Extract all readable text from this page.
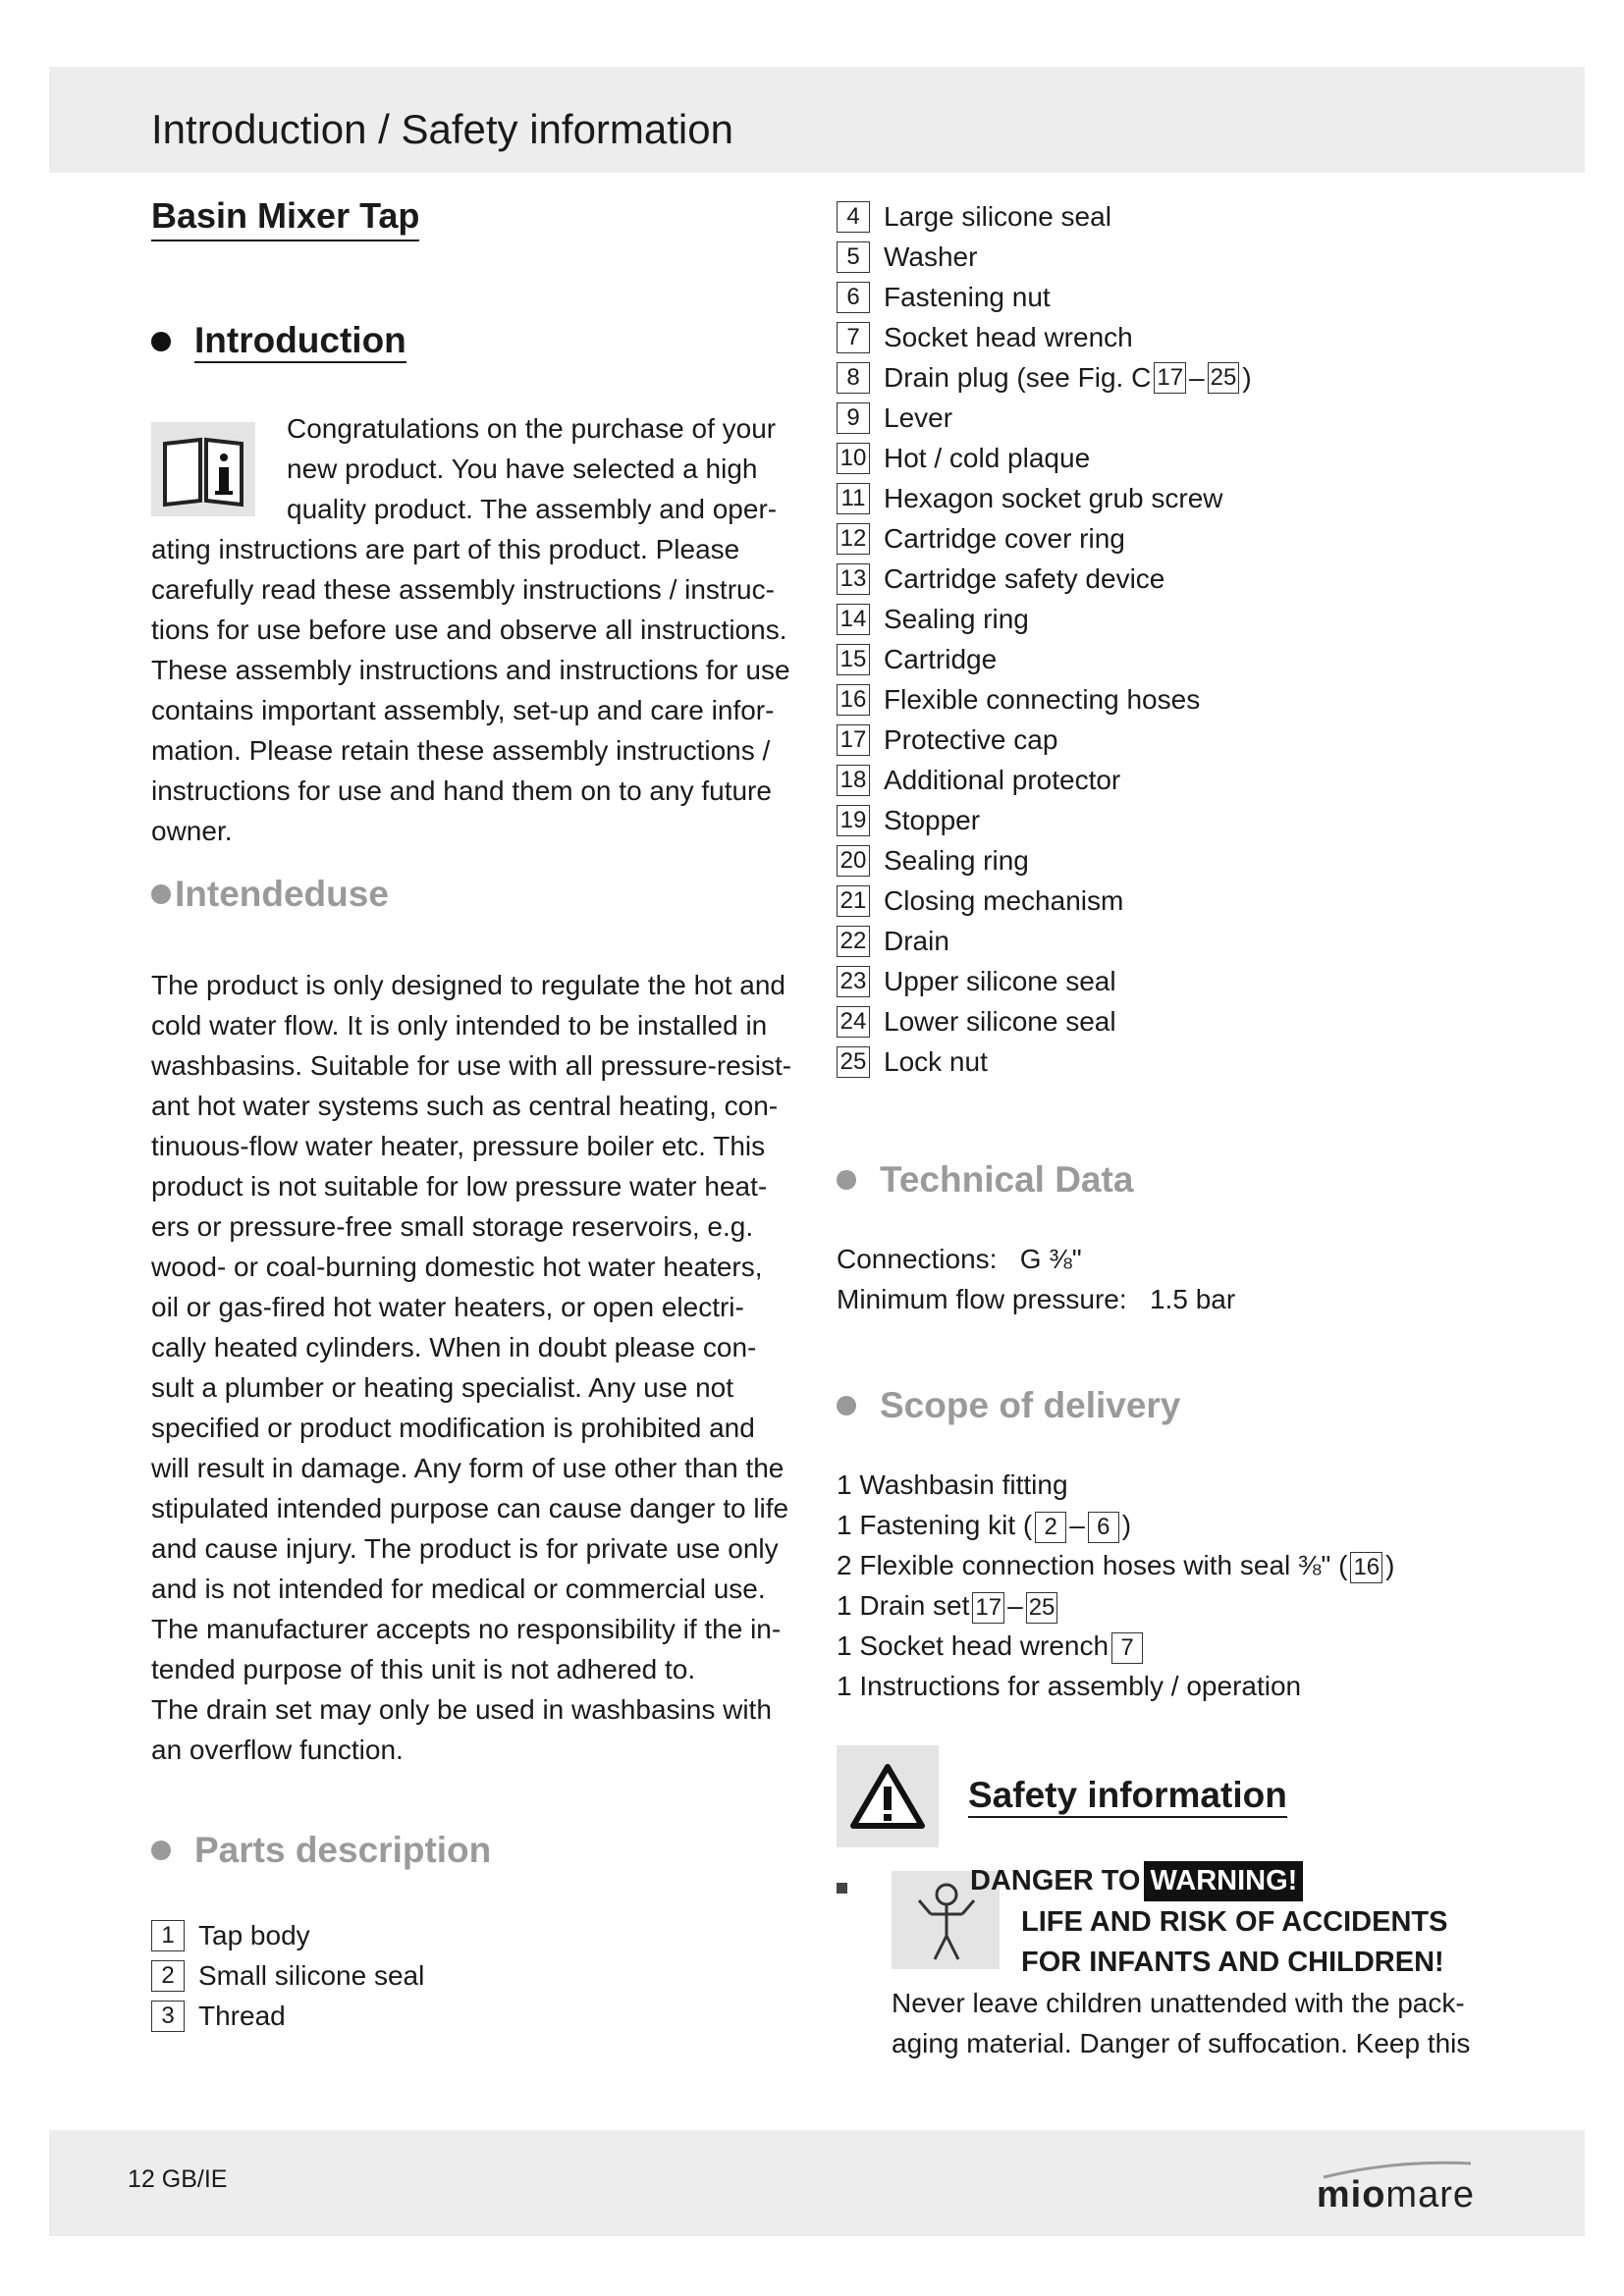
Introduction / Safety information
Basin Mixer Tap
Introduction
Congratulations on the purchase of your
new product. You have selected a high
quality product. The assembly and oper-
ating instructions are part of this product. Please
carefully read these assembly instructions / instruc-
tions for use before use and observe all instructions.
These assembly instructions and instructions for use
contains important assembly, set-up and care infor-
mation. Please retain these assembly instructions /
instructions for use and hand them on to any future
owner.
Intendeduse
The product is only designed to regulate the hot and
cold water flow. It is only intended to be installed in
washbasins. Suitable for use with all pressure-resist-
ant hot water systems such as central heating, con-
tinuous-flow water heater, pressure boiler etc. This
product is not suitable for low pressure water heat-
ers or pressure-free small storage reservoirs, e.g.
wood- or coal-burning domestic hot water heaters,
oil or gas-fired hot water heaters, or open electri-
cally heated cylinders. When in doubt please con-
sult a plumber or heating specialist. Any use not
specified or product modification is prohibited and
will result in damage. Any form of use other than the
stipulated intended purpose can cause danger to life
and cause injury. The product is for private use only
and is not intended for medical or commercial use.
The manufacturer accepts no responsibility if the in-
tended purpose of this unit is not adhered to.
The drain set may only be used in washbasins with
an overflow function.
Parts description
1 Tap body
2 Small silicone seal
3 Thread
4 Large silicone seal
5 Washer
6 Fastening nut
7 Socket head wrench
8 Drain plug (see Fig. C 17 – 25 )
9 Lever
10 Hot / cold plaque
11 Hexagon socket grub screw
12 Cartridge cover ring
13 Cartridge safety device
14 Sealing ring
15 Cartridge
16 Flexible connecting hoses
17 Protective cap
18 Additional protector
19 Stopper
20 Sealing ring
21 Closing mechanism
22 Drain
23 Upper silicone seal
24 Lower silicone seal
25 Lock nut
Technical Data
Connections: G ⅜"
Minimum flow pressure: 1.5 bar
Scope of delivery
1 Washbasin fitting
1 Fastening kit ( 2 – 6 )
2 Flexible connection hoses with seal ⅜" ( 16 )
1 Drain set 17 – 25
1 Socket head wrench 7
1 Instructions for assembly / operation
Safety information
DANGER TO WARNING!
LIFE AND RISK OF ACCIDENTS
FOR INFANTS AND CHILDREN!
Never leave children unattended with the pack-
aging material. Danger of suffocation. Keep this
12 GB/IE	miomare
